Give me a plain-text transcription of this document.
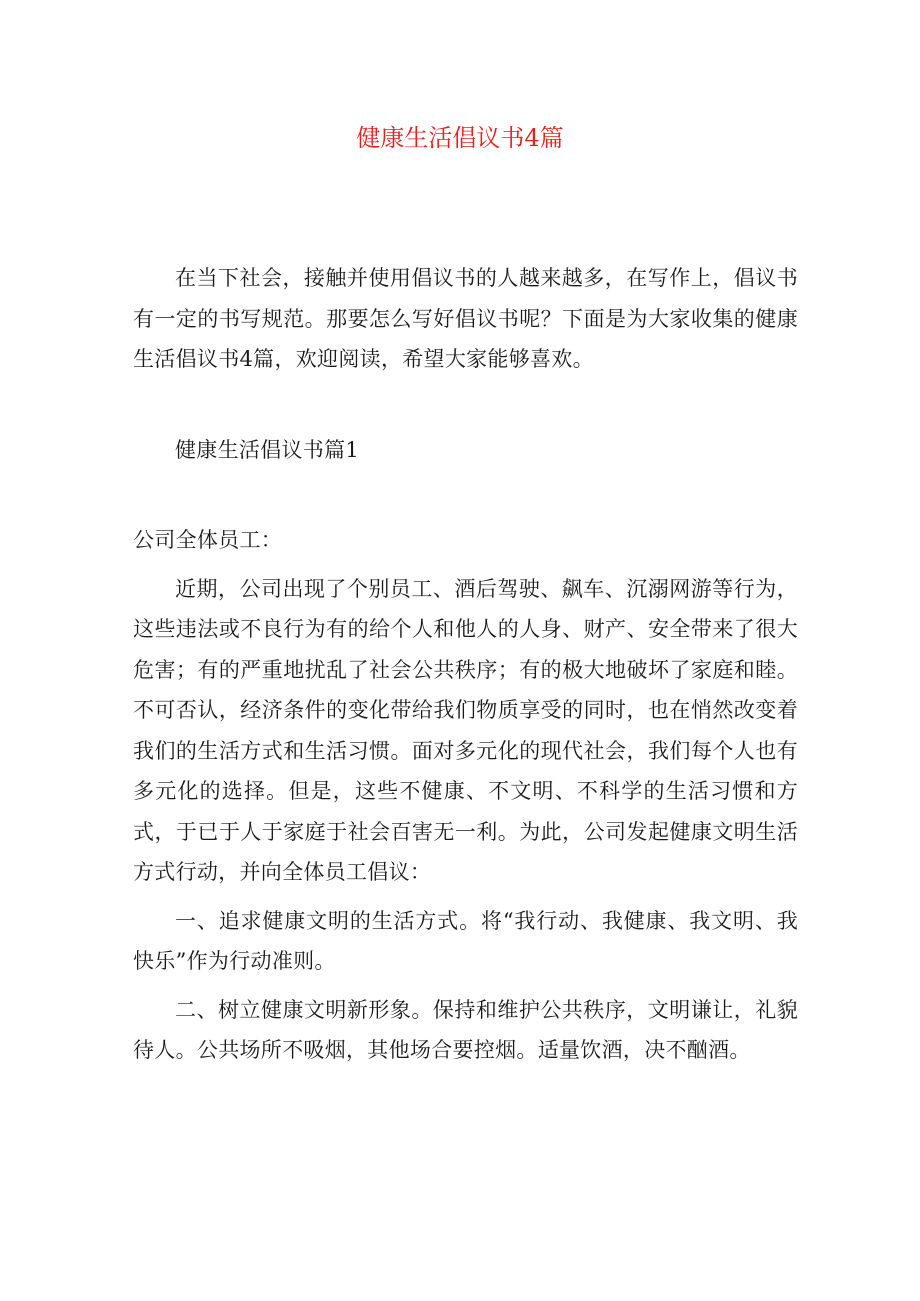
健康生活倡议书4篇

在当下社会，接触并使用倡议书的人越来越多，在写作上，倡议书有一定的书写规范。那要怎么写好倡议书呢？下面是为大家收集的健康生活倡议书4篇，欢迎阅读，希望大家能够喜欢。

健康生活倡议书篇1

公司全体员工：

近期，公司出现了个别员工、酒后驾驶、飙车、沉溺网游等行为，这些违法或不良行为有的给个人和他人的人身、财产、安全带来了很大危害；有的严重地扰乱了社会公共秩序；有的极大地破坏了家庭和睦。不可否认，经济条件的变化带给我们物质享受的同时，也在悄然改变着我们的生活方式和生活习惯。面对多元化的现代社会，我们每个人也有多元化的选择。但是，这些不健康、不文明、不科学的生活习惯和方式，于已于人于家庭于社会百害无一利。为此，公司发起健康文明生活方式行动，并向全体员工倡议：

一、追求健康文明的生活方式。将“我行动、我健康、我文明、我快乐”作为行动准则。

二、树立健康文明新形象。保持和维护公共秩序，文明谦让，礼貌待人。公共场所不吸烟，其他场合要控烟。适量饮酒，决不酗酒。
